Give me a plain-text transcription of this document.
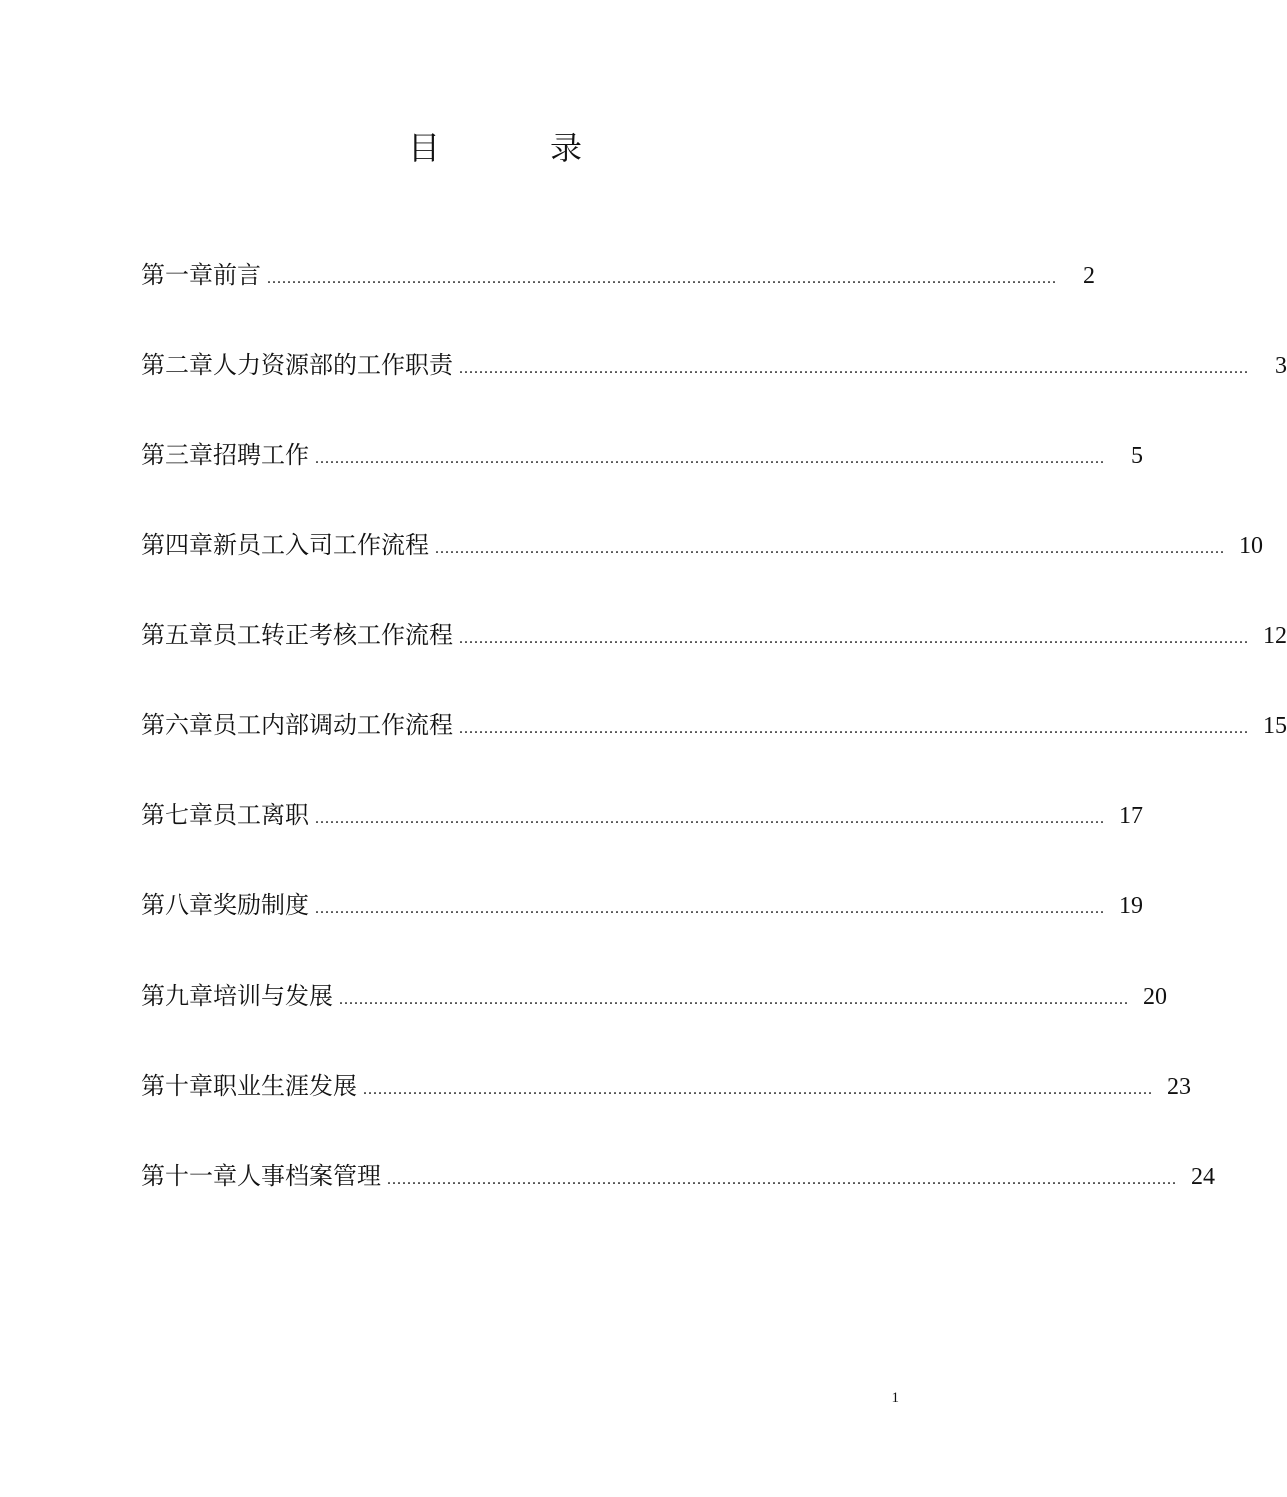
目	录
第一章 前言 ..............................................................................................................................................................	2
第二章 人力资源部的工作职责 ..............................................................................................................................................................	3
第三章 招聘工作 ..............................................................................................................................................................	5
第四章 新员工入司工作流程 .............................................................................................................................................................. 10
第五章 员工转正考核工作流程 .............................................................................................................................................................. 12
第六章 员工内部调动工作流程 .............................................................................................................................................................. 15
第七章 员工离职 .............................................................................................................................................................. 17
第八章 奖励制度 .............................................................................................................................................................. 19
第九章 培训与发展 .............................................................................................................................................................. 20
第十章 职业生涯发展 .............................................................................................................................................................. 23
第十一章 人事档案管理 .............................................................................................................................................................. 24
1
